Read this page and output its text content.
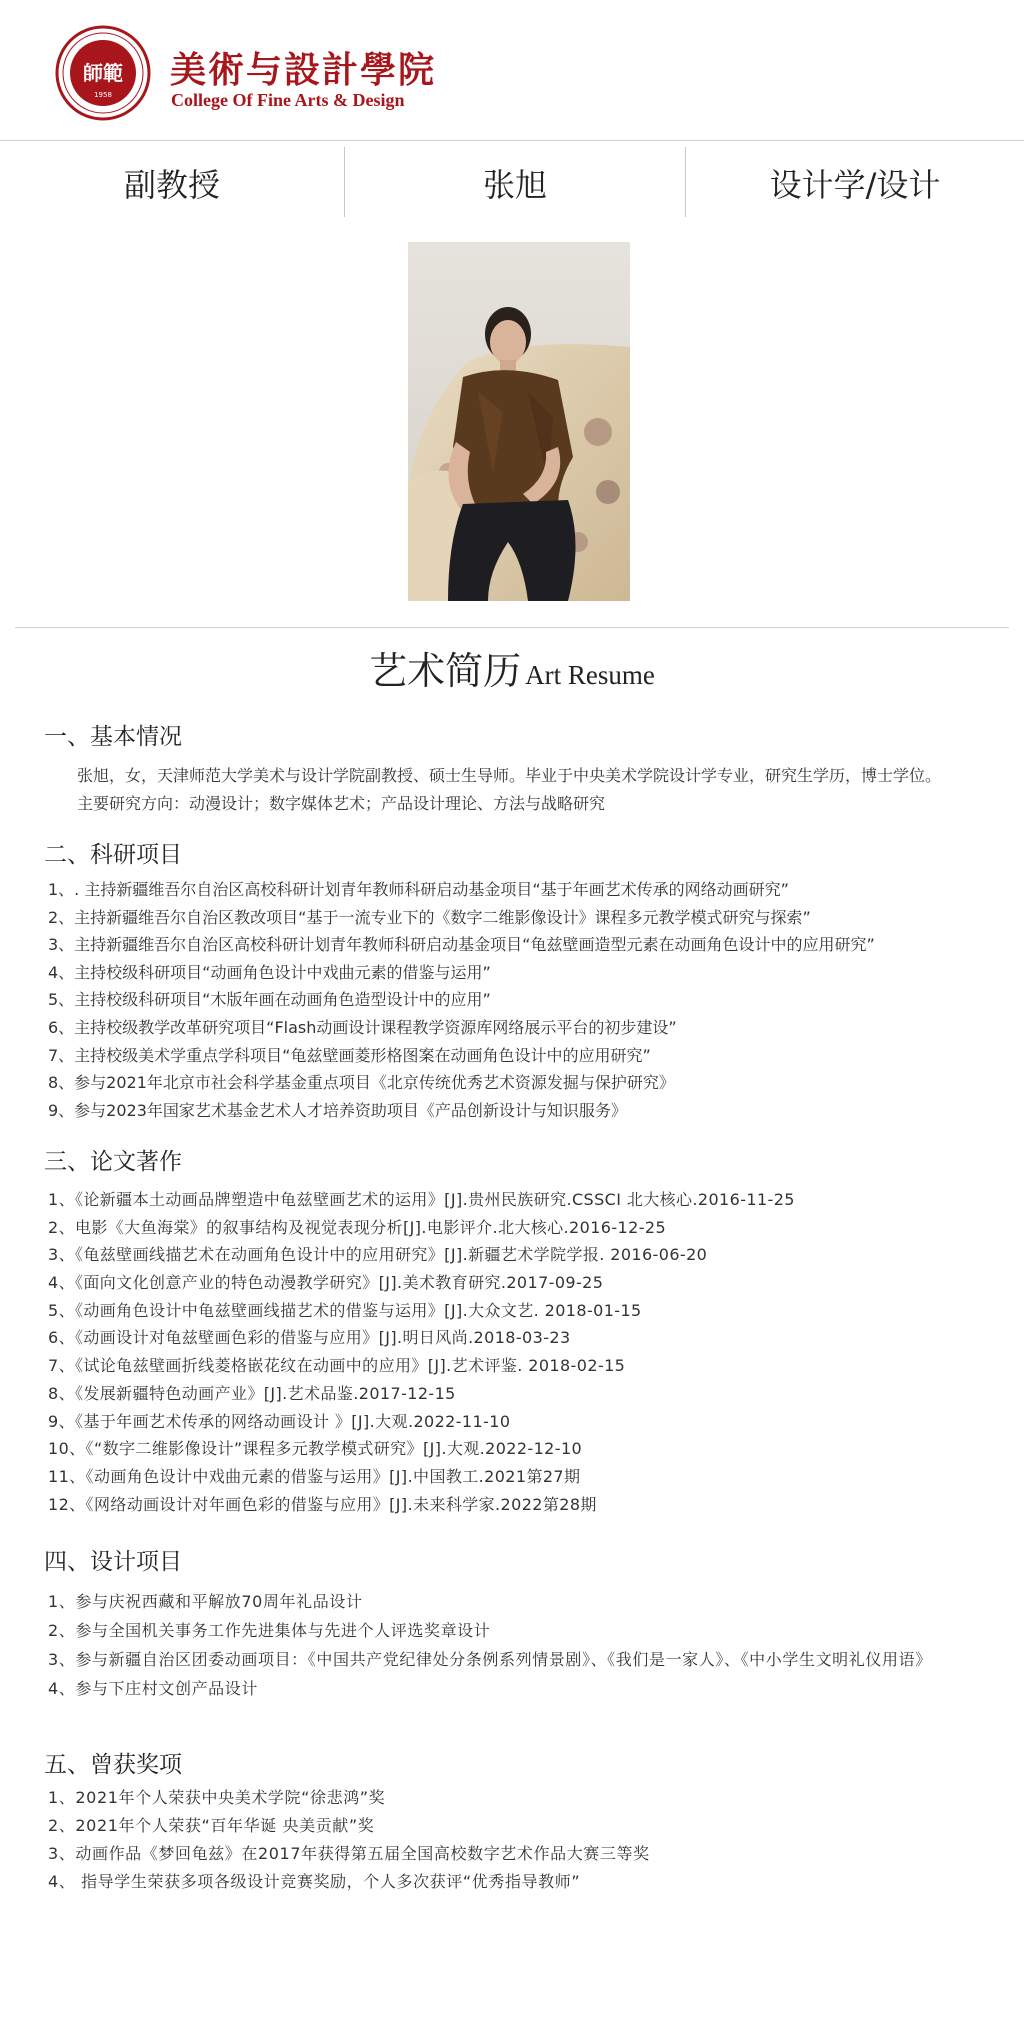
師範
1958
美術与設計學院
College Of Fine Arts & Design
副教授	张旭	设计学/设计
艺术简历 Art Resume
一、基本情况
张旭，女，天津师范大学美术与设计学院副教授、硕士生导师。毕业于中央美术学院设计学专业，研究生学历，博士学位。
主要研究方向：动漫设计；数字媒体艺术；产品设计理论、方法与战略研究
二、科研项目
1、. 主持新疆维吾尔自治区高校科研计划青年教师科研启动基金项目“基于年画艺术传承的网络动画研究”
2、主持新疆维吾尔自治区教改项目“基于一流专业下的《数字二维影像设计》课程多元教学模式研究与探索”
3、主持新疆维吾尔自治区高校科研计划青年教师科研启动基金项目“龟兹壁画造型元素在动画角色设计中的应用研究”
4、主持校级科研项目“动画角色设计中戏曲元素的借鉴与运用”
5、主持校级科研项目“木版年画在动画角色造型设计中的应用”
6、主持校级教学改革研究项目“Flash动画设计课程教学资源库网络展示平台的初步建设”
7、主持校级美术学重点学科项目“龟兹壁画菱形格图案在动画角色设计中的应用研究”
8、参与2021年北京市社会科学基金重点项目《北京传统优秀艺术资源发掘与保护研究》
9、参与2023年国家艺术基金艺术人才培养资助项目《产品创新设计与知识服务》
三、论文著作
1、《论新疆本土动画品牌塑造中龟兹壁画艺术的运用》[J].贵州民族研究.CSSCI 北大核心.2016-11-25
2、电影《大鱼海棠》的叙事结构及视觉表现分析[J].电影评介.北大核心.2016-12-25
3、《龟兹壁画线描艺术在动画角色设计中的应用研究》[J].新疆艺术学院学报. 2016-06-20
4、《面向文化创意产业的特色动漫教学研究》[J].美术教育研究.2017-09-25
5、《动画角色设计中龟兹壁画线描艺术的借鉴与运用》[J].大众文艺. 2018-01-15
6、《动画设计对龟兹壁画色彩的借鉴与应用》[J].明日风尚.2018-03-23
7、《试论龟兹壁画折线菱格嵌花纹在动画中的应用》[J].艺术评鉴. 2018-02-15
8、《发展新疆特色动画产业》[J].艺术品鉴.2017-12-15
9、《基于年画艺术传承的网络动画设计 》[J].大观.2022-11-10
10、《“数字二维影像设计”课程多元教学模式研究》[J].大观.2022-12-10
11、《动画角色设计中戏曲元素的借鉴与运用》[J].中国教工.2021第27期
12、《网络动画设计对年画色彩的借鉴与应用》[J].未来科学家.2022第28期
四、设计项目
1、参与庆祝西藏和平解放70周年礼品设计
2、参与全国机关事务工作先进集体与先进个人评选奖章设计
3、参与新疆自治区团委动画项目：《中国共产党纪律处分条例系列情景剧》、《我们是一家人》、《中小学生文明礼仪用语》
4、参与下庄村文创产品设计
五、曾获奖项
1、2021年个人荣获中央美术学院“徐悲鸿”奖
2、2021年个人荣获“百年华诞 央美贡献”奖
3、动画作品《梦回龟兹》在2017年获得第五届全国高校数字艺术作品大赛三等奖
4、 指导学生荣获多项各级设计竞赛奖励，个人多次获评“优秀指导教师”
